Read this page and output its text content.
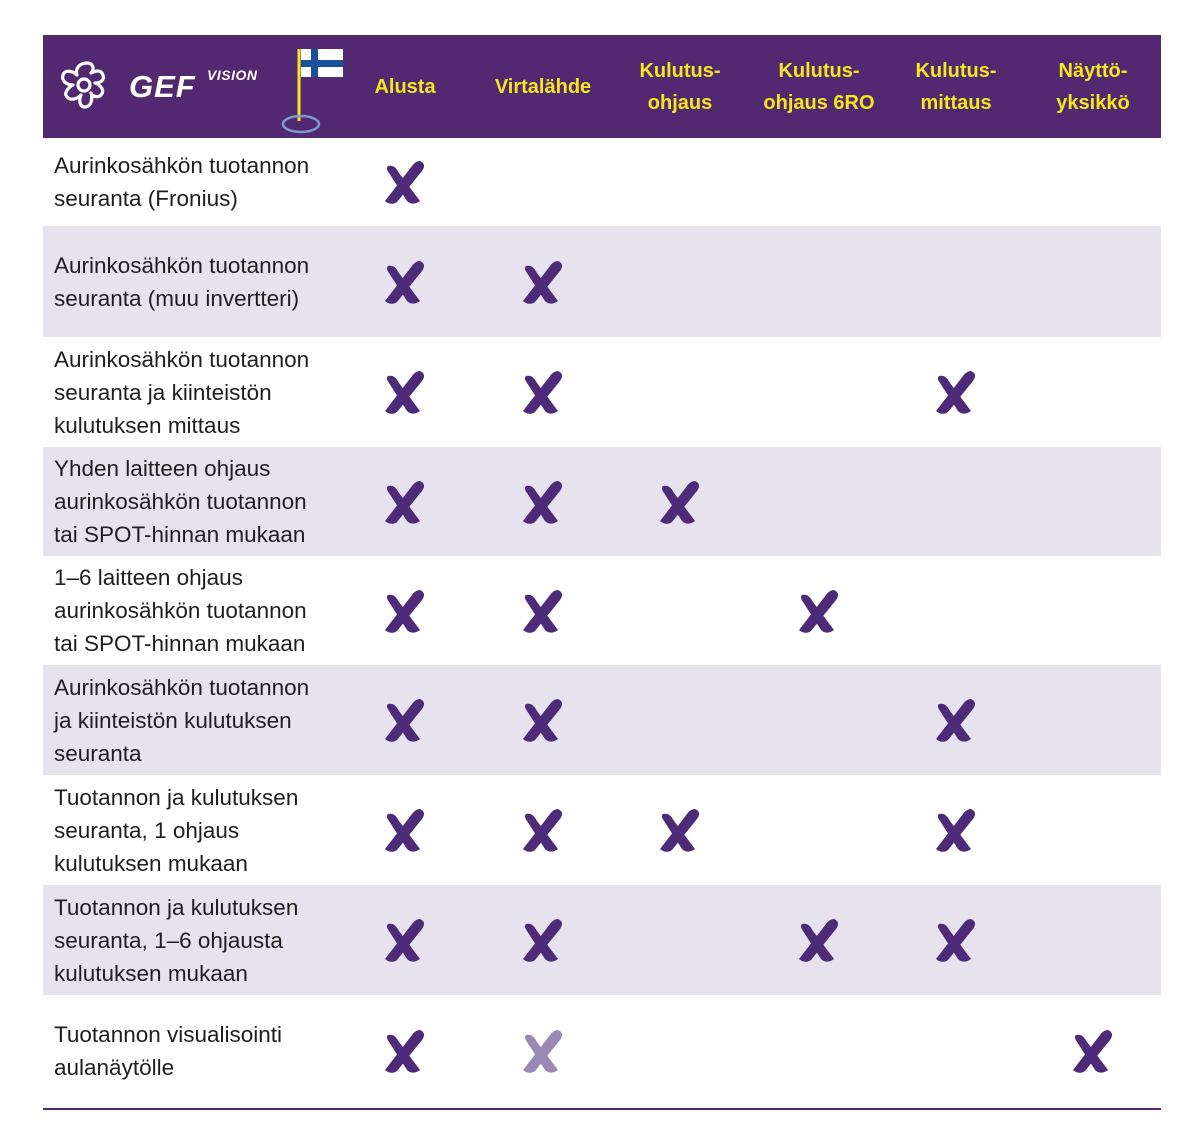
GEF VISION
Alusta	Virtalähde
Kulutus-
ohjaus
Kulutus-
ohjaus 6RO
Kulutus-
mittaus
Näyttö-
yksikkö
Aurinkosähkön tuotannon
seuranta (Fronius)
Aurinkosähkön tuotannon
seuranta (muu invertteri)
Aurinkosähkön tuotannon
seuranta ja kiinteistön
kulutuksen mittaus
Yhden laitteen ohjaus
aurinkosähkön tuotannon
tai SPOT-hinnan mukaan
1–6 laitteen ohjaus
aurinkosähkön tuotannon
tai SPOT-hinnan mukaan
Aurinkosähkön tuotannon
ja kiinteistön kulutuksen
seuranta
Tuotannon ja kulutuksen
seuranta, 1 ohjaus
kulutuksen mukaan
Tuotannon ja kulutuksen
seuranta, 1–6 ohjausta
kulutuksen mukaan
Tuotannon visualisointi
aulanäytölle
